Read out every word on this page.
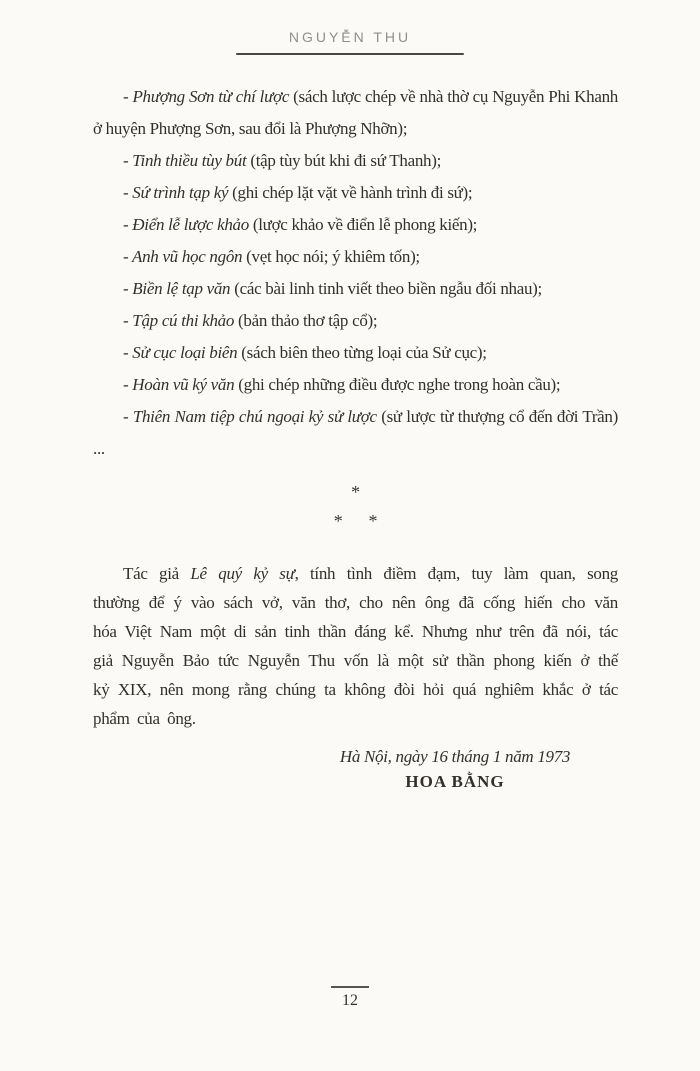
NGUYỄN THU

- Phượng Sơn từ chí lược (sách lược chép về nhà thờ cụ Nguyễn Phi Khanh ở huyện Phượng Sơn, sau đổi là Phượng Nhỡn);

- Tinh thiều tùy bút (tập tùy bút khi đi sứ Thanh);

- Sứ trình tạp ký (ghi chép lặt vặt về hành trình đi sứ);

- Điển lễ lược khảo (lược khảo về điển lễ phong kiến);

- Anh vũ học ngôn (vẹt học nói; ý khiêm tốn);

- Biền lệ tạp văn (các bài linh tinh viết theo biền ngẫu đối nhau);

- Tập cú thi khảo (bản thảo thơ tập cổ);

- Sử cục loại biên (sách biên theo từng loại của Sử cục);

- Hoàn vũ ký văn (ghi chép những điều được nghe trong hoàn cầu);

- Thiên Nam tiệp chú ngoại kỷ sử lược (sử lược từ thượng cổ đến đời Trần) ...

*
* *

Tác giả Lê quý kỷ sự, tính tình điềm đạm, tuy làm quan, song thường để ý vào sách vở, văn thơ, cho nên ông đã cống hiến cho văn hóa Việt Nam một di sản tinh thần đáng kể. Nhưng như trên đã nói, tác giả Nguyễn Bảo tức Nguyễn Thu vốn là một sử thần phong kiến ở thế kỷ XIX, nên mong rằng chúng ta không đòi hỏi quá nghiêm khắc ở tác phẩm của ông.

Hà Nội, ngày 16 tháng 1 năm 1973
HOA BẰNG
12
